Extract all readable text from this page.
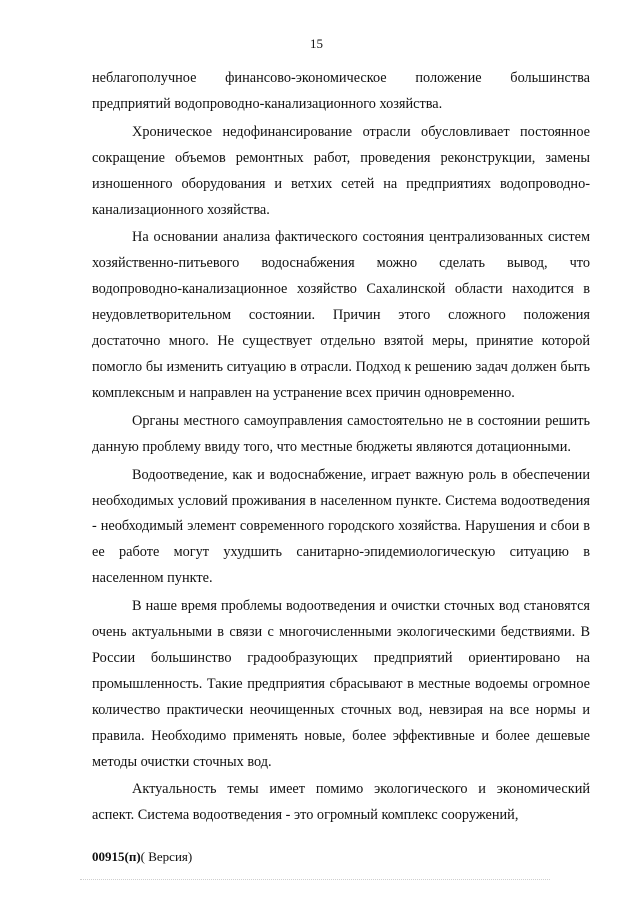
15

неблагополучное финансово-экономическое положение большинства предприятий водопроводно-канализационного хозяйства.

Хроническое недофинансирование отрасли обусловливает постоянное сокращение объемов ремонтных работ, проведения реконструкции, замены изношенного оборудования и ветхих сетей на предприятиях водопроводно-канализационного хозяйства.

На основании анализа фактического состояния централизованных систем хозяйственно-питьевого водоснабжения можно сделать вывод, что водопроводно-канализационное хозяйство Сахалинской области находится в неудовлетворительном состоянии. Причин этого сложного положения достаточно много. Не существует отдельно взятой меры, принятие которой помогло бы изменить ситуацию в отрасли. Подход к решению задач должен быть комплексным и направлен на устранение всех причин одновременно.

Органы местного самоуправления самостоятельно не в состоянии решить данную проблему ввиду того, что местные бюджеты являются дотационными.

Водоотведение, как и водоснабжение, играет важную роль в обеспечении необходимых условий проживания в населенном пункте. Система водоотведения - необходимый элемент современного городского хозяйства. Нарушения и сбои в ее работе могут ухудшить санитарно-эпидемиологическую ситуацию в населенном пункте.

В наше время проблемы водоотведения и очистки сточных вод становятся очень актуальными в связи с многочисленными экологическими бедствиями. В России большинство градообразующих предприятий ориентировано на промышленность. Такие предприятия сбрасывают в местные водоемы огромное количество практически неочищенных сточных вод, невзирая на все нормы и правила. Необходимо применять новые, более эффективные и более дешевые методы очистки сточных вод.

Актуальность темы имеет помимо экологического и экономический аспект. Система водоотведения - это огромный комплекс сооружений,

00915(п)( Версия)
